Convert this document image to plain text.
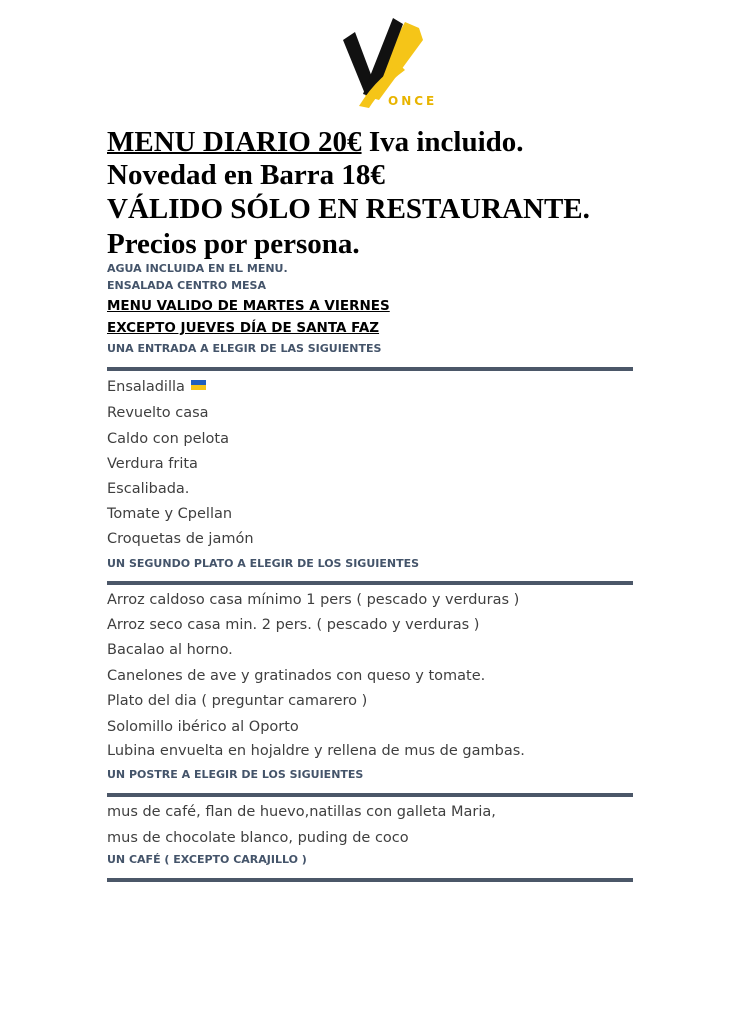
ONCE
MENU DIARIO 20€ Iva incluido.
Novedad en Barra 18€
VÁLIDO SÓLO EN RESTAURANTE.
Precios por persona.

AGUA INCLUIDA EN EL MENU.

ENSALADA CENTRO MESA

MENU VALIDO DE MARTES A VIERNES

EXCEPTO JUEVES DÍA DE SANTA FAZ

UNA ENTRADA A ELEGIR DE LAS SIGUIENTES

Ensaladilla

Revuelto casa

Caldo con pelota

Verdura frita

Escalibada.

Tomate y Cpellan

Croquetas de jamón

UN SEGUNDO PLATO A ELEGIR DE LOS SIGUIENTES

Arroz caldoso casa mínimo 1 pers ( pescado y verduras )

Arroz seco casa min. 2 pers. ( pescado y verduras )

Bacalao al horno.

Canelones de ave y gratinados con queso y tomate.

Plato del dia ( preguntar camarero )

Solomillo ibérico al Oporto

Lubina envuelta en hojaldre y rellena de mus de gambas.

UN POSTRE A ELEGIR DE LOS SIGUIENTES

mus de café, flan de huevo,natillas con galleta Maria,

mus de chocolate blanco, puding de coco

UN CAFÉ ( EXCEPTO CARAJILLO )
